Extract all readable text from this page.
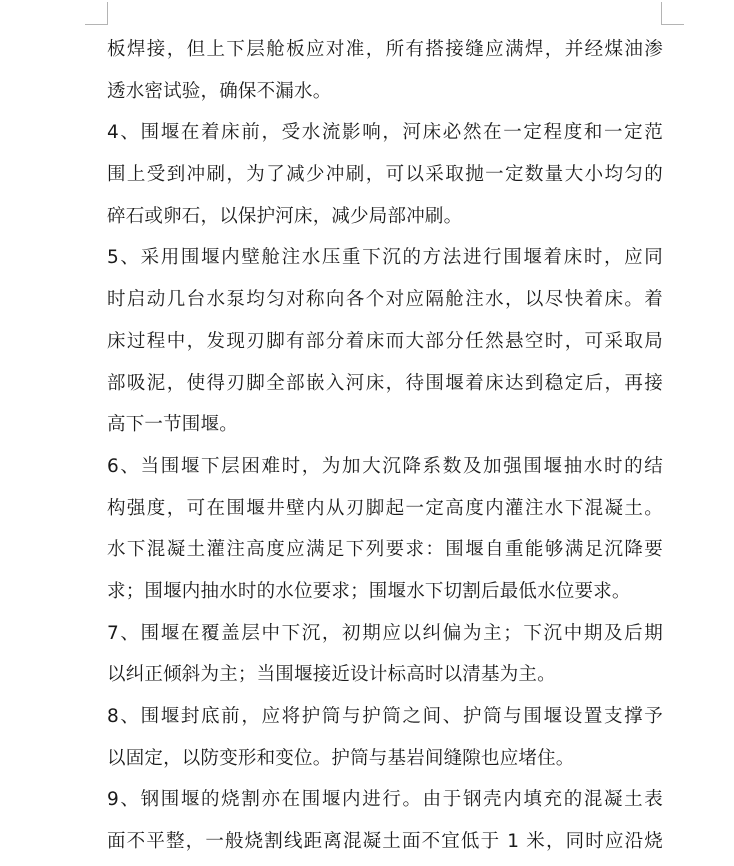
板焊接，但上下层舱板应对准，所有搭接缝应满焊，并经煤油渗
透水密试验，确保不漏水。
4、围堰在着床前，受水流影响，河床必然在一定程度和一定范
围上受到冲刷，为了减少冲刷，可以采取抛一定数量大小均匀的
碎石或卵石，以保护河床，减少局部冲刷。
5、采用围堰内壁舱注水压重下沉的方法进行围堰着床时，应同
时启动几台水泵均匀对称向各个对应隔舱注水，以尽快着床。着
床过程中，发现刃脚有部分着床而大部分任然悬空时，可采取局
部吸泥，使得刃脚全部嵌入河床，待围堰着床达到稳定后，再接
高下一节围堰。
6、当围堰下层困难时，为加大沉降系数及加强围堰抽水时的结
构强度，可在围堰井壁内从刃脚起一定高度内灌注水下混凝土。
水下混凝土灌注高度应满足下列要求：围堰自重能够满足沉降要
求；围堰内抽水时的水位要求；围堰水下切割后最低水位要求。
7、围堰在覆盖层中下沉，初期应以纠偏为主；下沉中期及后期
以纠正倾斜为主；当围堰接近设计标高时以清基为主。
8、围堰封底前，应将护筒与护筒之间、护筒与围堰设置支撑予
以固定，以防变形和变位。护筒与基岩间缝隙也应堵住。
9、钢围堰的烧割亦在围堰内进行。由于钢壳内填充的混凝土表
面不平整，一般烧割线距离混凝土面不宜低于 1 米，同时应沿烧
